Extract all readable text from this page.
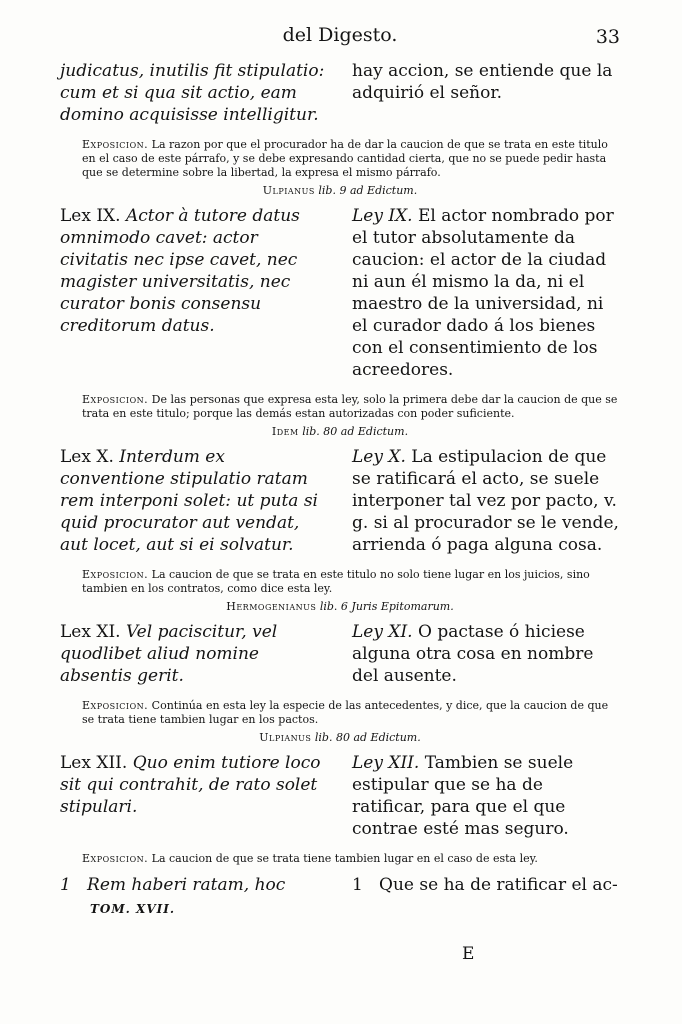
del Digesto.	33
judicatus, inutilis fit stipulatio: cum et si qua sit actio, eam domino acquisisse intelligitur.
hay accion, se entiende que la adquirió el señor.
Exposicion. La razon por que el procurador ha de dar la caucion de que se trata en este titulo en el caso de este párrafo, y se debe expresando cantidad cierta, que no se puede pedir hasta que se determine sobre la libertad, la expresa el mismo párrafo.
Ulpianus lib. 9 ad Edictum.
Lex IX. Actor à tutore datus omnimodo cavet: actor civitatis nec ipse cavet, nec magister universitatis, nec curator bonis consensu creditorum datus.
Ley IX. El actor nombrado por el tutor absolutamente da caucion: el actor de la ciudad ni aun él mismo la da, ni el maestro de la universidad, ni el curador dado á los bienes con el consentimiento de los acreedores.
Exposicion. De las personas que expresa esta ley, solo la primera debe dar la caucion de que se trata en este titulo; porque las demás estan autorizadas con poder suficiente.
Idem lib. 80 ad Edictum.
Lex X. Interdum ex conventione stipulatio ratam rem interponi solet: ut puta si quid procurator aut vendat, aut locet, aut si ei solvatur.
Ley X. La estipulacion de que se ratificará el acto, se suele interponer tal vez por pacto, v. g. si al procurador se le vende, arrienda ó paga alguna cosa.
Exposicion. La caucion de que se trata en este titulo no solo tiene lugar en los juicios, sino tambien en los contratos, como dice esta ley.
Hermogenianus lib. 6 Juris Epitomarum.
Lex XI. Vel paciscitur, vel quodlibet aliud nomine absentis gerit.
Ley XI. O pactase ó hiciese alguna otra cosa en nombre del ausente.
Exposicion. Continúa en esta ley la especie de las antecedentes, y dice, que la caucion de que se trata tiene tambien lugar en los pactos.
Ulpianus lib. 80 ad Edictum.
Lex XII. Quo enim tutiore loco sit qui contrahit, de rato solet stipulari.
Ley XII. Tambien se suele estipular que se ha de ratificar, para que el que contrae esté mas seguro.
Exposicion. La caucion de que se trata tiene tambien lugar en el caso de esta ley.
1 Rem haberi ratam, hoc
TOM. XVII.
1 Que se ha de ratificar el ac-
E
